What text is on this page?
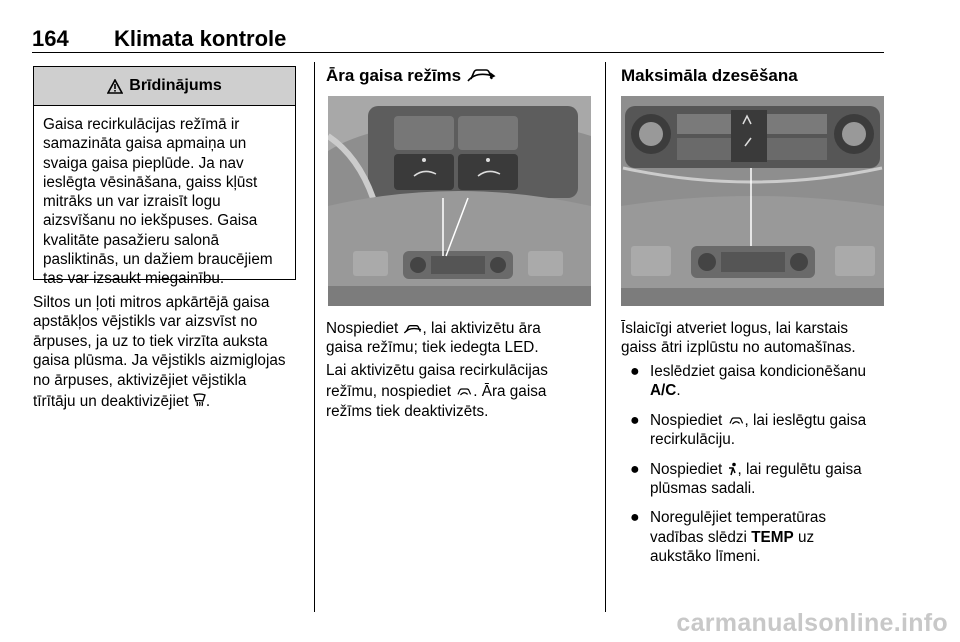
164 Klimata kontrole
Brīdinājums
Gaisa recirkulācijas režīmā ir
samazināta gaisa apmaiņa un
svaiga gaisa pieplūde. Ja nav
ieslēgta vēsināšana, gaiss kļūst
mitrāks un var izraisīt logu
aizsvīšanu no iekšpuses. Gaisa
kvalitāte pasažieru salonā
pasliktinās, un dažiem braucējiem
tas var izsaukt miegainību.
Siltos un ļoti mitros apkārtējā gaisa
apstākļos vējstikls var aizsvīst no
ārpuses, ja uz to tiek virzīta auksta
gaisa plūsma. Ja vējstikls aizmiglojas
no ārpuses, aktivizējiet vējstikla
tīrītāju un deaktivizējiet .
Āra gaisa režīms
Nospiediet , lai aktivizētu āra
gaisa režīmu; tiek iedegta LED.
Lai aktivizētu gaisa recirkulācijas
režīmu, nospiediet . Āra gaisa
režīms tiek deaktivizēts.
Maksimāla dzesēšana
Īslaicīgi atveriet logus, lai karstais
gaiss ātri izplūstu no automašīnas.
● Ieslēdziet gaisa kondicionēšanu
A/C.
● Nospiediet , lai ieslēgtu gaisa
recirkulāciju.
● Nospiediet , lai regulētu gaisa
plūsmas sadali.
● Noregulējiet temperatūras
vadības slēdzi TEMP uz
aukstāko līmeni.
carmanualsonline.info
